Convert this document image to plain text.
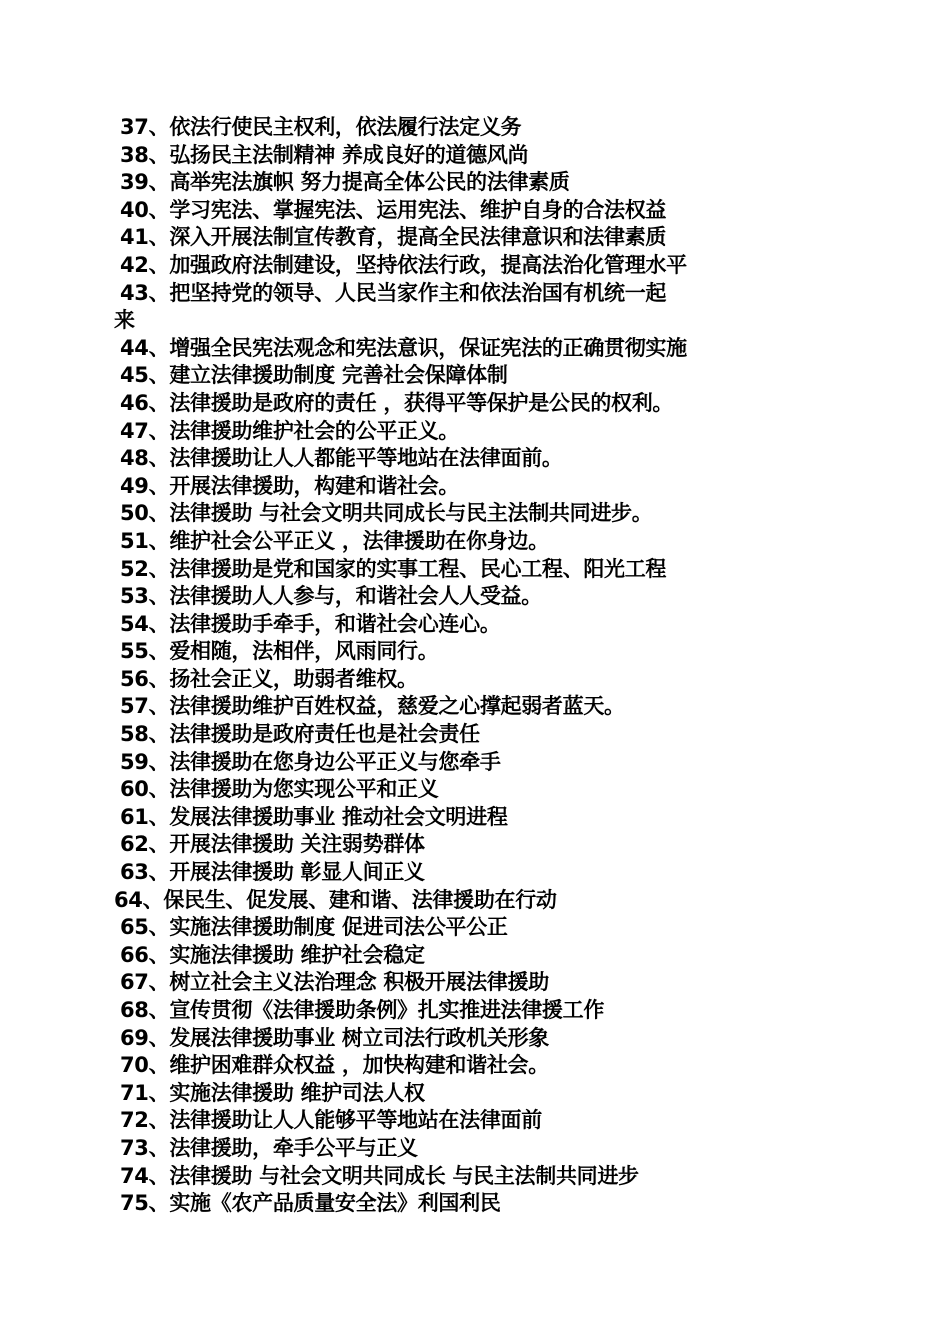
37、依法行使民主权利，依法履行法定义务

38、弘扬民主法制精神 养成良好的道德风尚

39、高举宪法旗帜 努力提高全体公民的法律素质

40、学习宪法、掌握宪法、运用宪法、维护自身的合法权益

41、深入开展法制宣传教育，提高全民法律意识和法律素质

42、加强政府法制建设，坚持依法行政，提高法治化管理水平

43、把坚持党的领导、人民当家作主和依法治国有机统一起

来

44、增强全民宪法观念和宪法意识，保证宪法的正确贯彻实施

45、建立法律援助制度 完善社会保障体制

46、法律援助是政府的责任 ，获得平等保护是公民的权利。

47、法律援助维护社会的公平正义。

48、法律援助让人人都能平等地站在法律面前。

49、开展法律援助，构建和谐社会。

50、法律援助 与社会文明共同成长与民主法制共同进步。

51、维护社会公平正义 ，法律援助在你身边。

52、法律援助是党和国家的实事工程、民心工程、阳光工程

53、法律援助人人参与，和谐社会人人受益。

54、法律援助手牵手，和谐社会心连心。

55、爱相随，法相伴，风雨同行。

56、扬社会正义，助弱者维权。

57、法律援助维护百姓权益，慈爱之心撑起弱者蓝天。

58、法律援助是政府责任也是社会责任

59、法律援助在您身边公平正义与您牵手

60、法律援助为您实现公平和正义

61、发展法律援助事业 推动社会文明进程

62、开展法律援助 关注弱势群体

63、开展法律援助 彰显人间正义

64、保民生、促发展、建和谐、法律援助在行动

65、实施法律援助制度 促进司法公平公正

66、实施法律援助 维护社会稳定

67、树立社会主义法治理念 积极开展法律援助

68、宣传贯彻《法律援助条例》扎实推进法律援工作

69、发展法律援助事业 树立司法行政机关形象

70、维护困难群众权益 ，加快构建和谐社会。

71、实施法律援助 维护司法人权

72、法律援助让人人能够平等地站在法律面前

73、法律援助，牵手公平与正义

74、法律援助 与社会文明共同成长 与民主法制共同进步

75、实施《农产品质量安全法》利国利民
